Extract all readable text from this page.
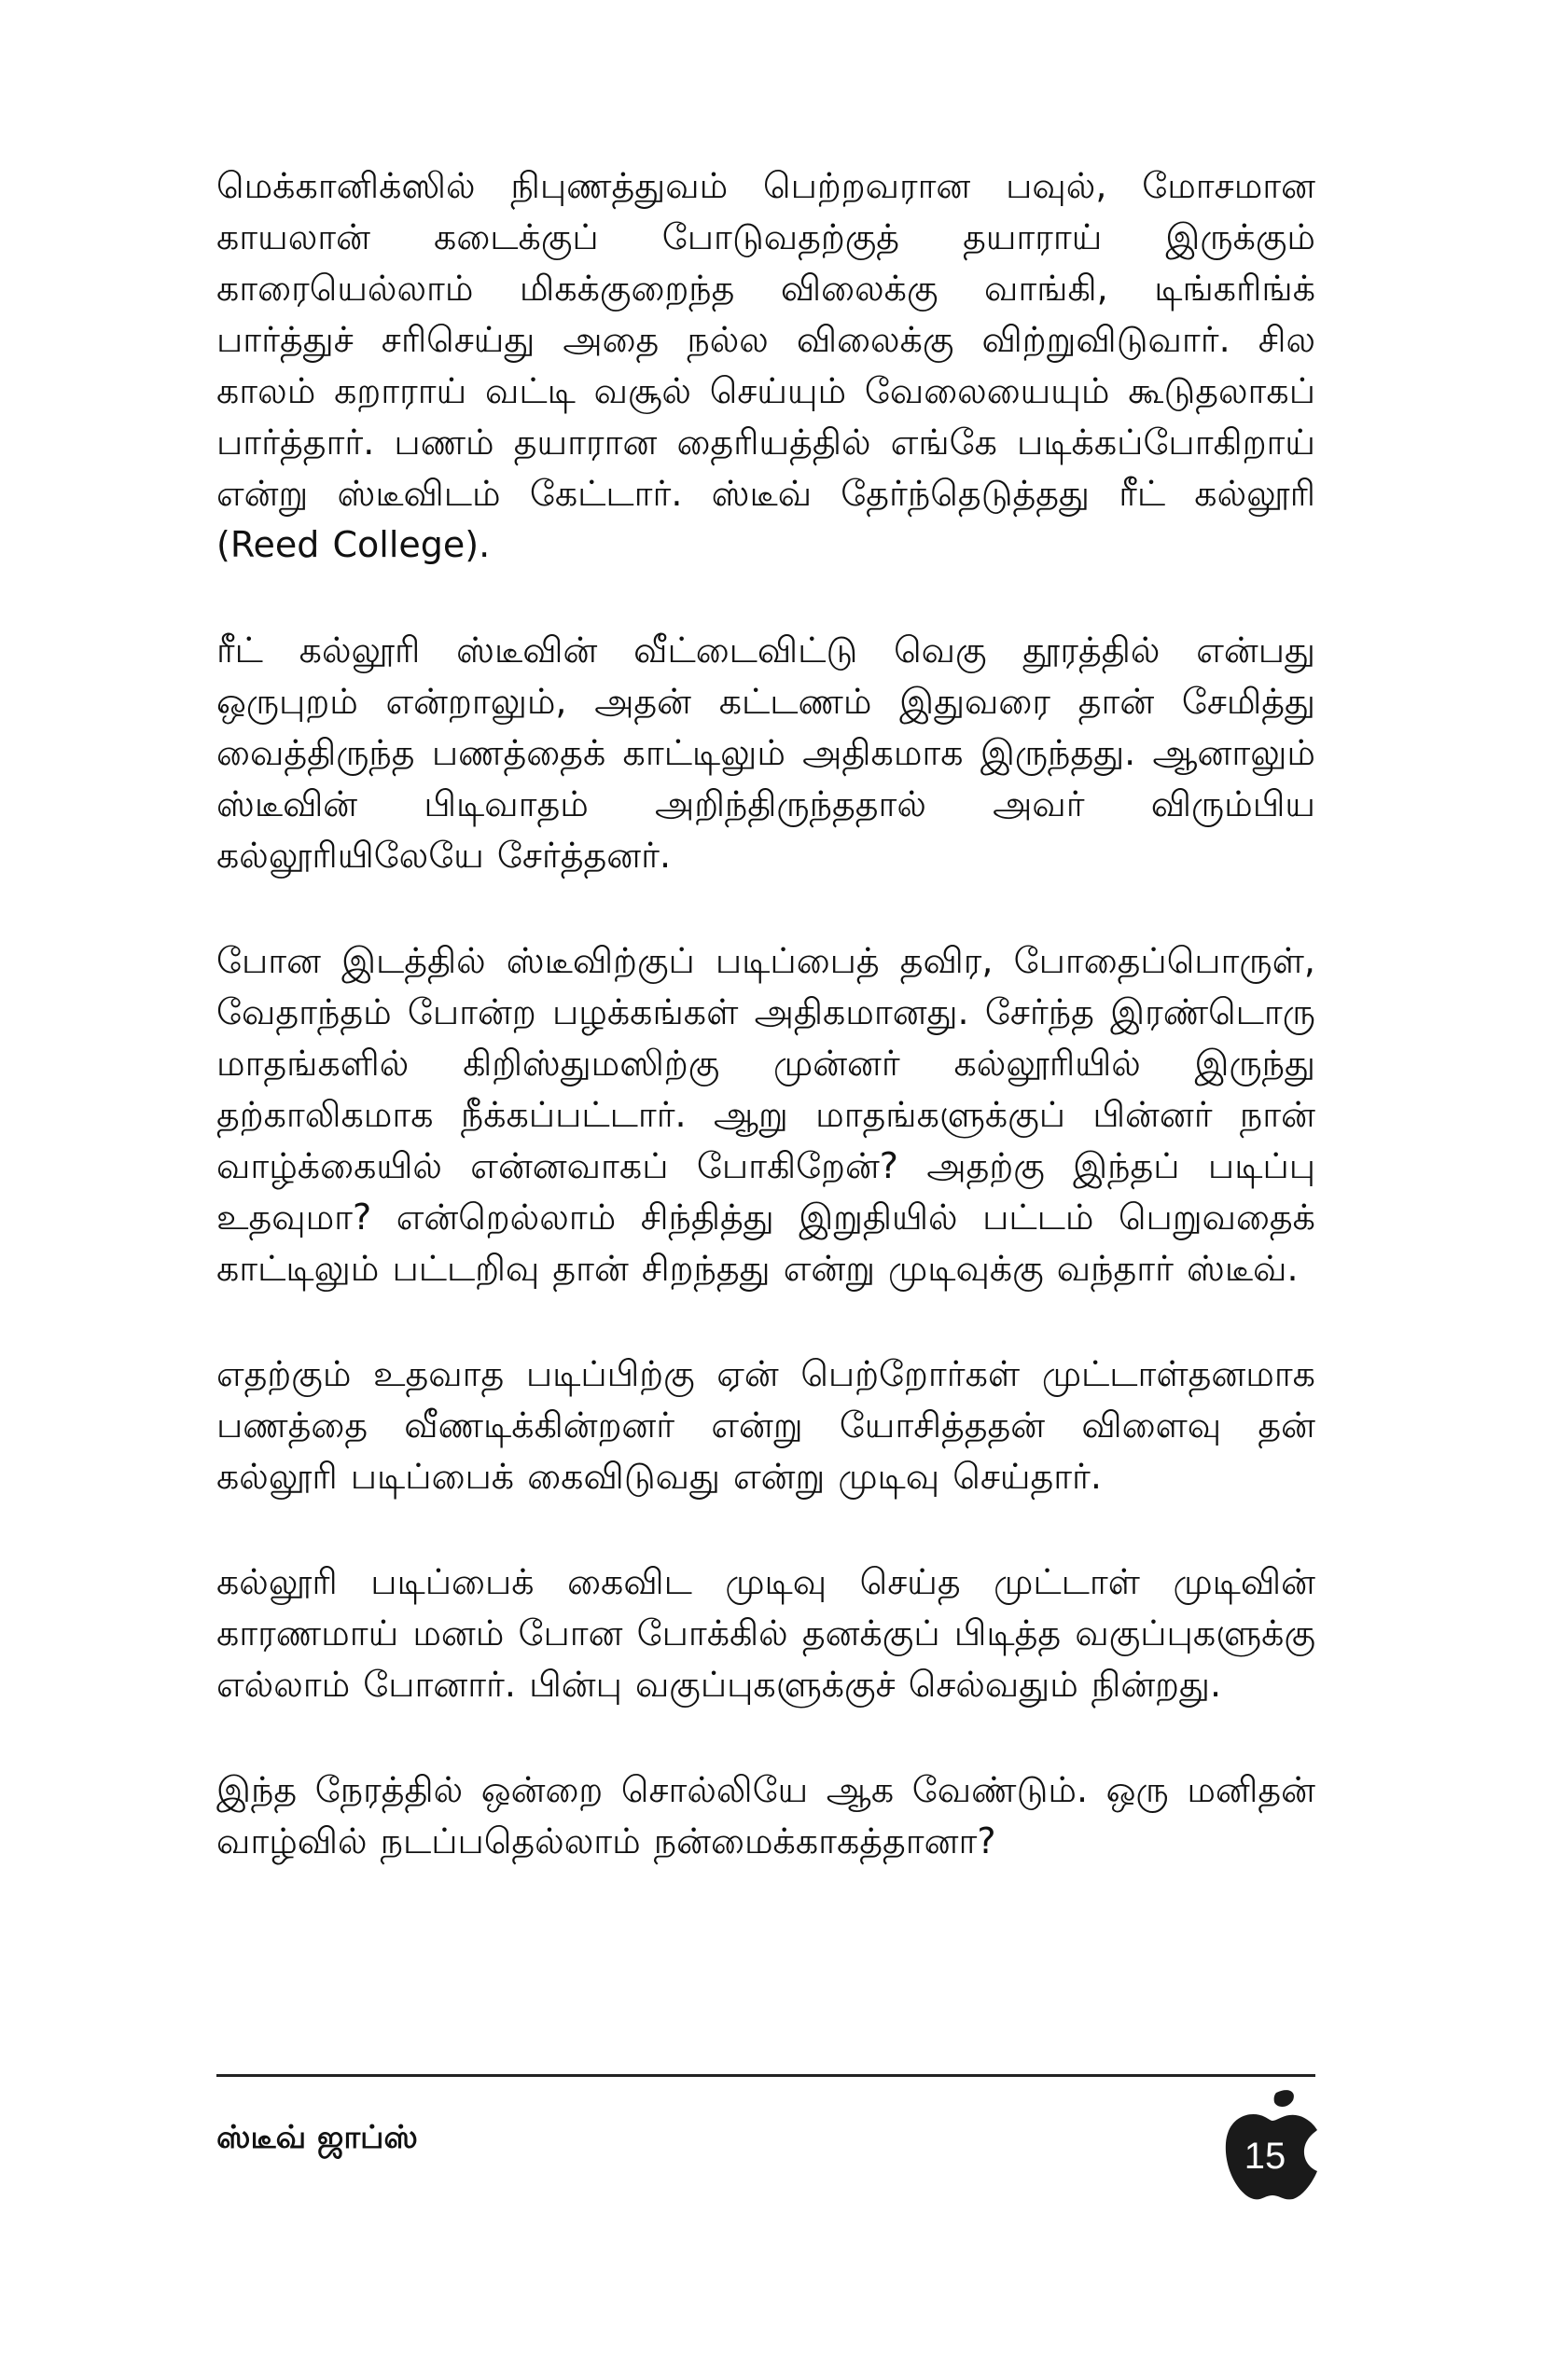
மெக்கானிக்ஸில் நிபுணத்துவம் பெற்றவரான பவுல், மோசமான காயலான் கடைக்குப் போடுவதற்குத் தயாராய் இருக்கும் காரையெல்லாம் மிகக்குறைந்த விலைக்கு வாங்கி, டிங்கரிங்க் பார்த்துச் சரிசெய்து அதை நல்ல விலைக்கு விற்றுவிடுவார். சில காலம் கறாராய் வட்டி வசூல் செய்யும் வேலையையும் கூடுதலாகப் பார்த்தார். பணம் தயாரான தைரியத்தில் எங்கே படிக்கப்போகிறாய் என்று ஸ்டீவிடம் கேட்டார். ஸ்டீவ் தேர்ந்தெடுத்தது ரீட் கல்லூரி (Reed College).

ரீட் கல்லூரி ஸ்டீவின் வீட்டைவிட்டு வெகு தூரத்தில் என்பது ஒருபுறம் என்றாலும், அதன் கட்டணம் இதுவரை தான் சேமித்து வைத்திருந்த பணத்தைக் காட்டிலும் அதிகமாக இருந்தது. ஆனாலும் ஸ்டீவின் பிடிவாதம் அறிந்திருந்ததால் அவர் விரும்பிய கல்லூரியிலேயே சேர்த்தனர்.

போன இடத்தில் ஸ்டீவிற்குப் படிப்பைத் தவிர, போதைப்பொருள், வேதாந்தம் போன்ற பழக்கங்கள் அதிகமானது. சேர்ந்த இரண்டொரு மாதங்களில் கிறிஸ்துமஸிற்கு முன்னர் கல்லூரியில் இருந்து தற்காலிகமாக நீக்கப்பட்டார். ஆறு மாதங்களுக்குப் பின்னர் நான் வாழ்க்கையில் என்னவாகப் போகிறேன்? அதற்கு இந்தப் படிப்பு உதவுமா? என்றெல்லாம் சிந்தித்து இறுதியில் பட்டம் பெறுவதைக் காட்டிலும் பட்டறிவு தான் சிறந்தது என்று முடிவுக்கு வந்தார் ஸ்டீவ்.

எதற்கும் உதவாத படிப்பிற்கு ஏன் பெற்றோர்கள் முட்டாள்தனமாக பணத்தை வீணடிக்கின்றனர் என்று யோசித்ததன் விளைவு தன் கல்லூரி படிப்பைக் கைவிடுவது என்று முடிவு செய்தார்.

கல்லூரி படிப்பைக் கைவிட முடிவு செய்த முட்டாள் முடிவின் காரணமாய் மனம் போன போக்கில் தனக்குப் பிடித்த வகுப்புகளுக்கு எல்லாம் போனார். பின்பு வகுப்புகளுக்குச் செல்வதும் நின்றது.

இந்த நேரத்தில் ஒன்றை சொல்லியே ஆக வேண்டும். ஒரு மனிதன் வாழ்வில் நடப்பதெல்லாம் நன்மைக்காகத்தானா?

ஸ்டீவ் ஜாப்ஸ்	15
